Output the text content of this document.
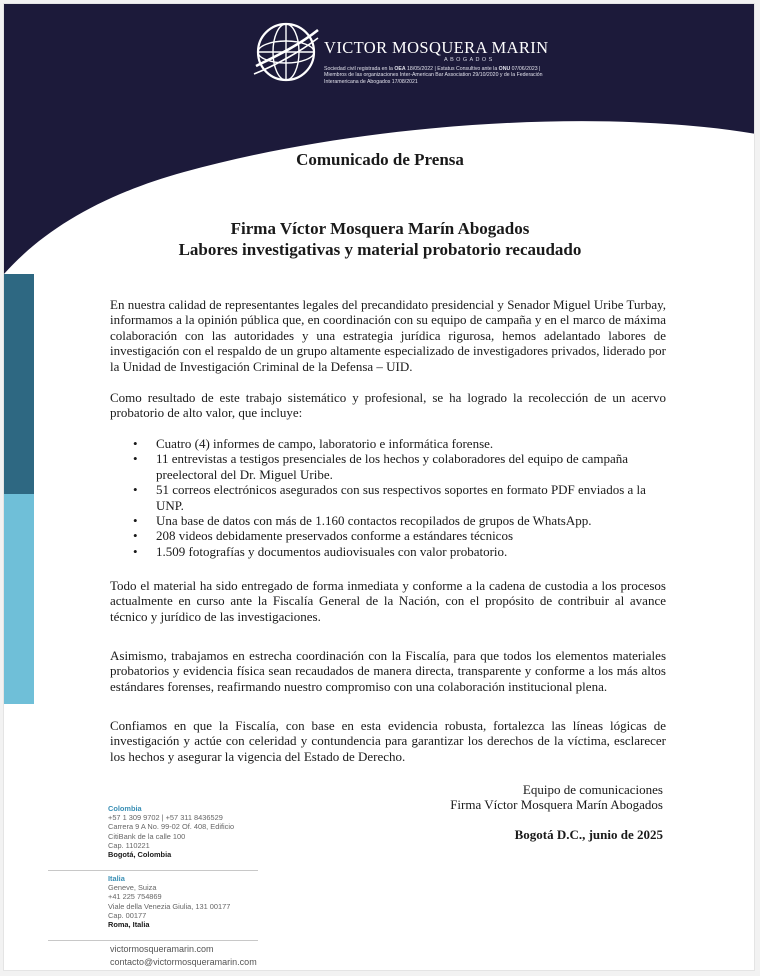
VICTOR MOSQUERA MARIN
ABOGADOS
Sociedad civil registrada en la OEA 18/05/2022 | Estatus Consultivo ante la ONU 07/06/2023 | Miembros de las organizaciones Inter-American Bar Association 29/10/2020 y de la Federación Interamericana de Abogados 17/08/2021
Comunicado de Prensa
Firma Víctor Mosquera Marín Abogados
Labores investigativas y material probatorio recaudado

En nuestra calidad de representantes legales del precandidato presidencial y Senador Miguel Uribe Turbay, informamos a la opinión pública que, en coordinación con su equipo de campaña y en el marco de máxima colaboración con las autoridades y una estrategia jurídica rigurosa, hemos adelantado labores de investigación con el respaldo de un grupo altamente especializado de investigadores privados, liderado por la Unidad de Investigación Criminal de la Defensa – UID.

Como resultado de este trabajo sistemático y profesional, se ha logrado la recolección de un acervo probatorio de alto valor, que incluye:

• Cuatro (4) informes de campo, laboratorio e informática forense.
• 11 entrevistas a testigos presenciales de los hechos y colaboradores del equipo de campaña preelectoral del Dr. Miguel Uribe.
• 51 correos electrónicos asegurados con sus respectivos soportes en formato PDF enviados a la UNP.
• Una base de datos con más de 1.160 contactos recopilados de grupos de WhatsApp.
• 208 videos debidamente preservados conforme a estándares técnicos
• 1.509 fotografías y documentos audiovisuales con valor probatorio.

Todo el material ha sido entregado de forma inmediata y conforme a la cadena de custodia a los procesos actualmente en curso ante la Fiscalía General de la Nación, con el propósito de contribuir al avance técnico y jurídico de las investigaciones.

Asimismo, trabajamos en estrecha coordinación con la Fiscalía, para que todos los elementos materiales probatorios y evidencia física sean recaudados de manera directa, transparente y conforme a los más altos estándares forenses, reafirmando nuestro compromiso con una colaboración institucional plena.

Confiamos en que la Fiscalía, con base en esta evidencia robusta, fortalezca las líneas lógicas de investigación y actúe con celeridad y contundencia para garantizar los derechos de la víctima, esclarecer los hechos y asegurar la vigencia del Estado de Derecho.

Equipo de comunicaciones
Firma Víctor Mosquera Marín Abogados
Bogotá D.C., junio de 2025
Colombia
+57 1 309 9702 | +57 311 8436529
Carrera 9 A No. 99-02 Of. 408, Edificio
CitiBank de la calle 100
Cap. 110221
Bogotá, Colombia
Italia
Geneve, Suiza
+41 225 754869
Viale della Venezia Giulia, 131 00177
Cap. 00177
Roma, Italia
victormosqueramarin.com
contacto@victormosqueramarin.com
